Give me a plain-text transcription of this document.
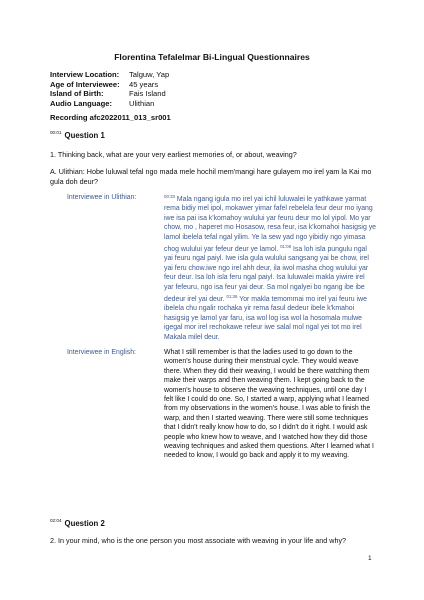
Florentina Tefalelmar Bi-Lingual Questionnaires
Interview Location: Talguw, Yap
Age of Interviewee: 45 years
Island of Birth:	Fais Island
Audio Language: Ulithian
Recording afc2022011_013_sr001
$^{00:01}$ Question 1
1. Thinking back, what are your very earliest memories of, or about, weaving?
A. Ulithian: Hobe luluwal tefal ngo mada mele hochil mem'mangi hare gulayem mo irel yam la Kai mo gula doh deur?
Interviewee in Ulithian:	$^{00:33}$ Mala ngang igula mo irel yai ichil luluwalei le yathkawe yarmat rema bidiy mel ipol, mokawer yimar fafel rebelela feur deur mo iyang iwe isa pai isa k'komahoy wulului yar feuru deur mo lol yipol. Mo yar chow, mo , haperet mo Hosasow, resa feur, isa k'komahoi hasigsig ye lamol ibelela tefal ngal yilim. Ye la sew yad ngo yibidiy ngo yimasa chog wulului yar fefeur deur ye lamol. $^{01:08}$ Isa loh isla pungulu ngal yai feuru ngal paiyl. Iwe isla gula wulului sangsang yai be chow, irel yai feru chow.iwe ngo irel ahh deur, ila iwol masha chog wulului yar feur deur. Isa loh isla feru ngal paiyl. Isa luluwalei makla yiwire irel yar fefeuru, ngo isa feur yai deur. Sa mol ngalyei bo ngang ibe ibe dedeur irel yai deur. $^{01:36}$ Yor makla temommai mo irel yai feuru iwe ibelela chu ngalir rochaka yir rema fasul dedeur ibele k'kmahoi hasigsig ye lamol yar faru, isa wol log isa wol la hosomala mulwe igegal mor irel rechokawe refeur iwe salal mol ngal yei tot mo irel Makala milel deur.
Interviewee in English:	What I still remember is that the ladies used to go down to the women's house during their menstrual cycle. They would weave there. When they did their weaving, I would be there watching them make their warps and then weaving them. I kept going back to the women's house to observe the weaving techniques, until one day I felt like I could do one. So, I started a warp, applying what I learned from my observations in the women's house. I was able to finish the warp, and then I started weaving. There were still some techniques that I didn't really know how to do, so I didn't do it right. I would ask people who knew how to weave, and I watched how they did those weaving techniques and asked them questions. After I learned what I needed to know, I would go back and apply it to my weaving.
$^{02:04}$ Question 2
2. In your mind, who is the one person you most associate with weaving in your life and why?
1
